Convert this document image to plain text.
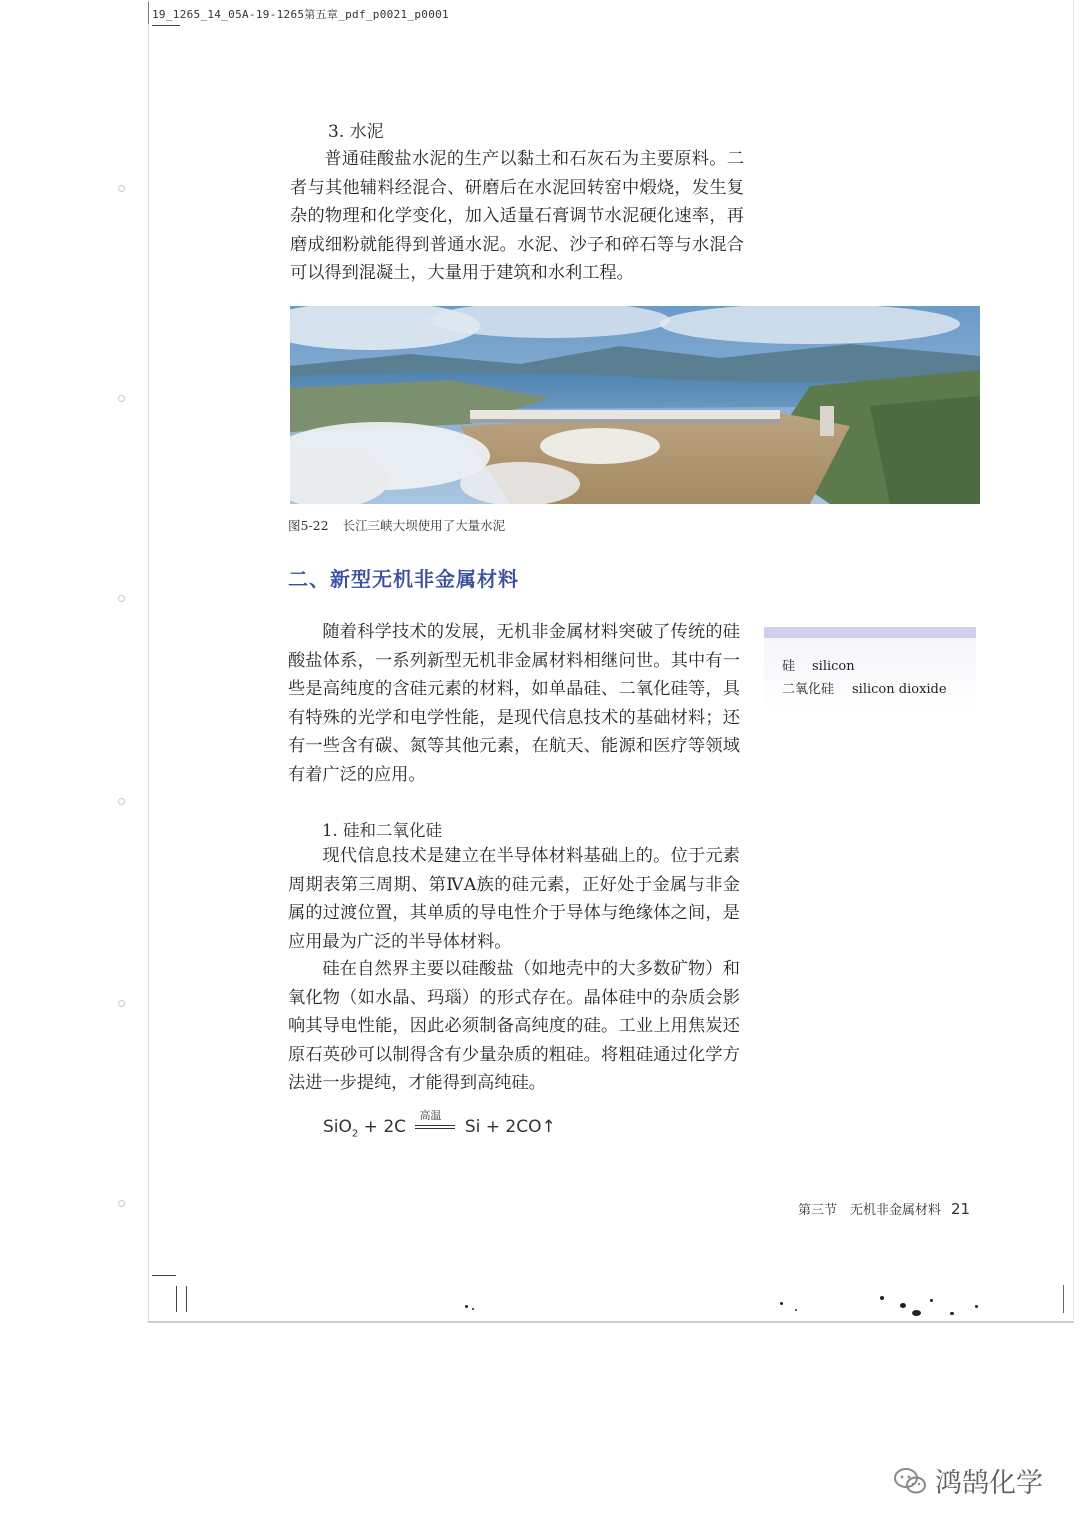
19_1265_14_05A-19-1265第五章_pdf_p0021_p0001
3. 水泥

普通硅酸盐水泥的生产以黏土和石灰石为主要原料。二者与其他辅料经混合、研磨后在水泥回转窑中煅烧，发生复杂的物理和化学变化，加入适量石膏调节水泥硬化速率，再磨成细粉就能得到普通水泥。水泥、沙子和碎石等与水混合可以得到混凝土，大量用于建筑和水利工程。

图5-22 长江三峡大坝使用了大量水泥
二、新型无机非金属材料

随着科学技术的发展，无机非金属材料突破了传统的硅酸盐体系，一系列新型无机非金属材料相继问世。其中有一些是高纯度的含硅元素的材料，如单晶硅、二氧化硅等，具有特殊的光学和电学性能，是现代信息技术的基础材料；还有一些含有碳、氮等其他元素，在航天、能源和医疗等领域有着广泛的应用。

硅 silicon
二氧化硅 silicon dioxide
1. 硅和二氧化硅

现代信息技术是建立在半导体材料基础上的。位于元素周期表第三周期、第ⅣA族的硅元素，正好处于金属与非金属的过渡位置，其单质的导电性介于导体与绝缘体之间，是应用最为广泛的半导体材料。

硅在自然界主要以硅酸盐（如地壳中的大多数矿物）和氧化物（如水晶、玛瑙）的形式存在。晶体硅中的杂质会影响其导电性能，因此必须制备高纯度的硅。工业上用焦炭还原石英砂可以制得含有少量杂质的粗硅。将粗硅通过化学方法进一步提纯，才能得到高纯硅。

SiO$_2$ + 2C
高温
Si + 2CO↑
第三节　无机非金属材料 21
鸿鹄化学
